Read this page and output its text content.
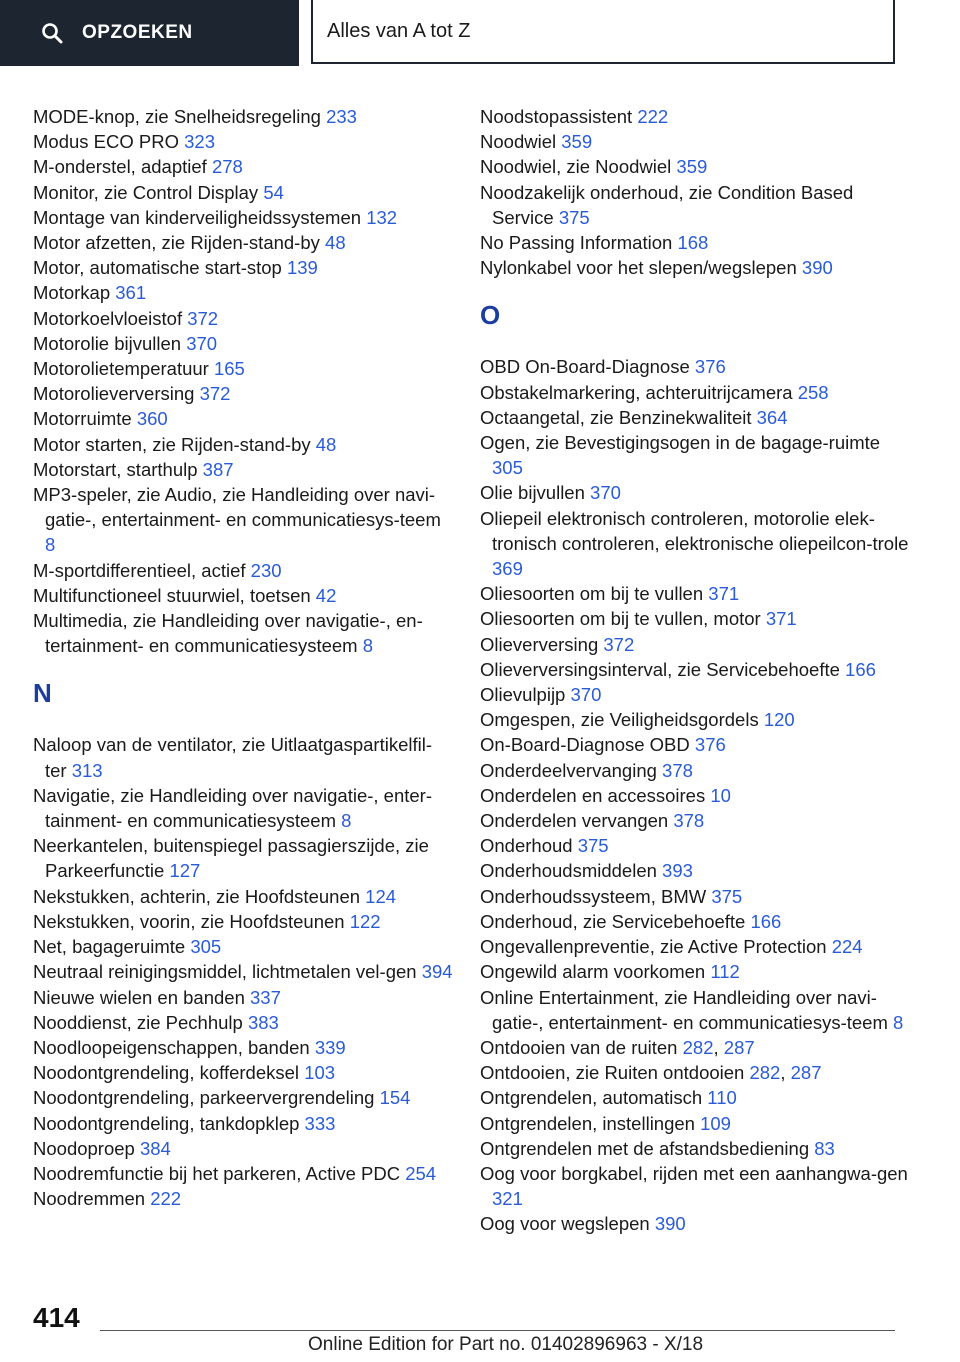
OPZOEKEN	Alles van A tot Z
MODE-knop, zie Snelheidsregeling 233
Modus ECO PRO 323
M-onderstel, adaptief 278
Monitor, zie Control Display 54
Montage van kinderveiligheidssystemen 132
Motor afzetten, zie Rijden-stand-by 48
Motor, automatische start-stop 139
Motorkap 361
Motorkoelvloeistof 372
Motorolie bijvullen 370
Motorolietemperatuur 165
Motorolieverversing 372
Motorruimte 360
Motor starten, zie Rijden-stand-by 48
Motorstart, starthulp 387
MP3-speler, zie Audio, zie Handleiding over navi-gatie-, entertainment- en communicatiesys-teem 8
M-sportdifferentieel, actief 230
Multifunctioneel stuurwiel, toetsen 42
Multimedia, zie Handleiding over navigatie-, en-tertainment- en communicatiesysteem 8
N
Naloop van de ventilator, zie Uitlaatgaspartikelfil-ter 313
Navigatie, zie Handleiding over navigatie-, enter-tainment- en communicatiesysteem 8
Neerkantelen, buitenspiegel passagierszijde, zie Parkeerfunctie 127
Nekstukken, achterin, zie Hoofdsteunen 124
Nekstukken, voorin, zie Hoofdsteunen 122
Net, bagageruimte 305
Neutraal reinigingsmiddel, lichtmetalen vel-gen 394
Nieuwe wielen en banden 337
Nooddienst, zie Pechhulp 383
Noodloopeigenschappen, banden 339
Noodontgrendeling, kofferdeksel 103
Noodontgrendeling, parkeervergrendeling 154
Noodontgrendeling, tankdopklep 333
Noodoproep 384
Noodremfunctie bij het parkeren, Active PDC 254
Noodremmen 222
Noodstopassistent 222
Noodwiel 359
Noodwiel, zie Noodwiel 359
Noodzakelijk onderhoud, zie Condition Based Service 375
No Passing Information 168
Nylonkabel voor het slepen/wegslepen 390
O
OBD On-Board-Diagnose 376
Obstakelmarkering, achteruitrijcamera 258
Octaangetal, zie Benzinekwaliteit 364
Ogen, zie Bevestigingsogen in de bagage-ruimte 305
Olie bijvullen 370
Oliepeil elektronisch controleren, motorolie elek-tronisch controleren, elektronische oliepeilcon-trole 369
Oliesoorten om bij te vullen 371
Oliesoorten om bij te vullen, motor 371
Olieverversing 372
Olieverversingsinterval, zie Servicebehoefte 166
Olievulpijp 370
Omgespen, zie Veiligheidsgordels 120
On-Board-Diagnose OBD 376
Onderdeelvervanging 378
Onderdelen en accessoires 10
Onderdelen vervangen 378
Onderhoud 375
Onderhoudsmiddelen 393
Onderhoudssysteem, BMW 375
Onderhoud, zie Servicebehoefte 166
Ongevallenpreventie, zie Active Protection 224
Ongewild alarm voorkomen 112
Online Entertainment, zie Handleiding over navi-gatie-, entertainment- en communicatiesys-teem 8
Ontdooien van de ruiten 282, 287
Ontdooien, zie Ruiten ontdooien 282, 287
Ontgrendelen, automatisch 110
Ontgrendelen, instellingen 109
Ontgrendelen met de afstandsbediening 83
Oog voor borgkabel, rijden met een aanhangwa-gen 321
Oog voor wegslepen 390
414
Online Edition for Part no. 01402896963 - X/18
